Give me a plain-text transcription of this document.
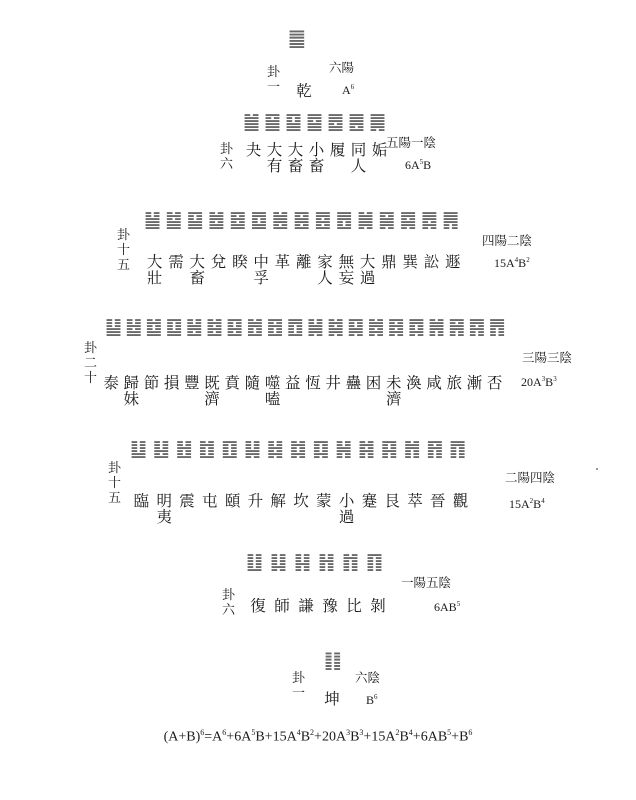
䷀
乾
卦
一
六陽
$A^6$
䷪ ䷍ ䷙ ䷈ ䷉ ䷌ ䷫
夬 大
有
大
畜
小
畜
履 同
人
姤
卦
六
五陽一陰
$6A^5B$
䷡ ䷄ ䷙ ䷹ ䷥ ䷼ ䷰ ䷝ ䷤ ䷘ ䷛ ䷱ ䷸ ䷅ ䷠
大
壯
需 大
畜
兌 睽 中
孚
革 離 家
人
無
妄
大
過
鼎 巽 訟 遯
卦
十
五
四陽二陰
$15A^4B^2$
䷊ ䷵ ䷻ ䷨ ䷶ ䷾ ䷕ ䷐ ䷔ ䷩ ䷟ ䷯ ䷑ ䷮ ䷿ ䷺ ䷞ ䷷ ䷴ ䷋
泰 歸
妹
節 損 豐 既
濟
賁 隨 噬
嗑
益 恆 井 蠱 困 未
濟
渙 咸 旅 漸 否
卦
二
十
三陽三陰
$20A^3B^3$
䷒ ䷣ ䷲ ䷂ ䷚ ䷭ ䷧ ䷜ ䷃ ䷽ ䷦ ䷳ ䷬ ䷢ ䷓
臨 明
夷
震 屯 頤 升 解 坎 蒙 小
過
蹇 艮 萃 晉 觀
卦
十
五
二陽四陰
$15A^2B^4$
䷗ ䷆ ䷎ ䷏ ䷇ ䷖
復 師 謙 豫 比 剝
卦
六
一陽五陰
$6AB^5$
䷁
坤
卦
一
六陰
$B^6$
$(A+B)^6=A^6+6A^5B+15A^4B^2+20A^3B^3+15A^2B^4+6AB^5+B^6$
